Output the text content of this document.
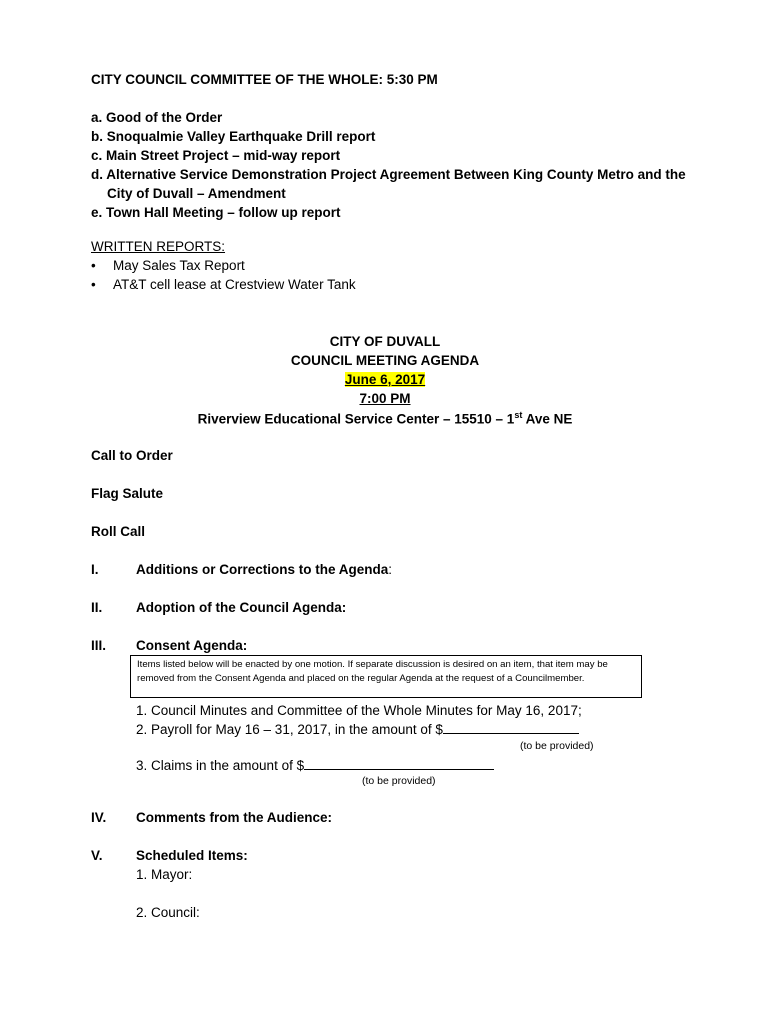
CITY COUNCIL COMMITTEE OF THE WHOLE: 5:30 PM
a. Good of the Order
b. Snoqualmie Valley Earthquake Drill report
c. Main Street Project – mid-way report
d. Alternative Service Demonstration Project Agreement Between King County Metro and the
City of Duvall – Amendment
e. Town Hall Meeting – follow up report
WRITTEN REPORTS:
• May Sales Tax Report
• AT&T cell lease at Crestview Water Tank
CITY OF DUVALL
COUNCIL MEETING AGENDA
June 6, 2017
7:00 PM
Riverview Educational Service Center – 15510 – 1st Ave NE
Call to Order
Flag Salute
Roll Call
I.	Additions or Corrections to the Agenda:
II. Adoption of the Council Agenda:
III. Consent Agenda:
Items listed below will be enacted by one motion. If separate discussion is desired on an item, that item may be removed from the Consent Agenda and placed on the regular Agenda at the request of a Councilmember.
1. Council Minutes and Committee of the Whole Minutes for May 16, 2017;
2. Payroll for May 16 – 31, 2017, in the amount of $
(to be provided)
3. Claims in the amount of $
(to be provided)
IV. Comments from the Audience:
V. Scheduled Items:
1. Mayor:
2. Council:
